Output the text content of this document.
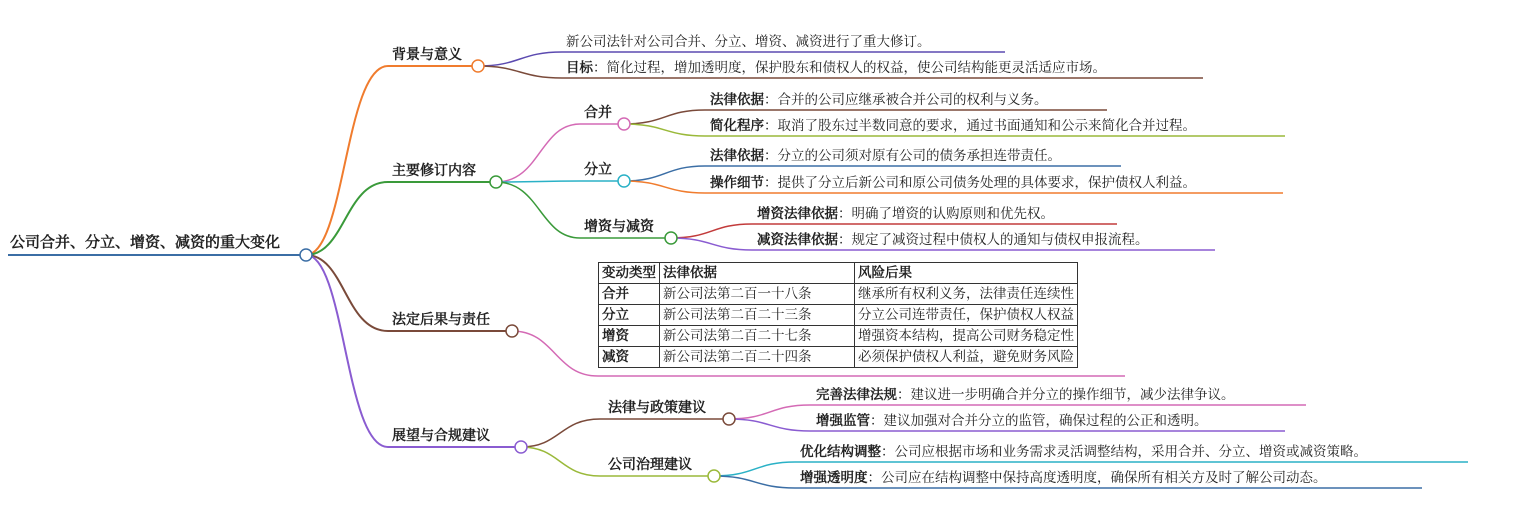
公司合并、分立、增资、减资的重大变化
背景与意义
主要修订内容
法定后果与责任
展望与合规建议
新公司法针对公司合并、分立、增资、减资进行了重大修订。
目标：简化过程，增加透明度，保护股东和债权人的权益，使公司结构能更灵活适应市场。
合并
分立
增资与减资
法律依据：合并的公司应继承被合并公司的权利与义务。
简化程序：取消了股东过半数同意的要求，通过书面通知和公示来简化合并过程。
法律依据：分立的公司须对原有公司的债务承担连带责任。
操作细节：提供了分立后新公司和原公司债务处理的具体要求，保护债权人利益。
增资法律依据：明确了增资的认购原则和优先权。
减资法律依据：规定了减资过程中债权人的通知与债权申报流程。
变动类型	法律依据	风险后果
合并	新公司法第二百一十八条	继承所有权利义务，法律责任连续性
分立	新公司法第二百二十三条	分立公司连带责任，保护债权人权益
增资	新公司法第二百二十七条	增强资本结构，提高公司财务稳定性
减资	新公司法第二百二十四条	必须保护债权人利益，避免财务风险
法律与政策建议
公司治理建议
完善法律法规：建议进一步明确合并分立的操作细节，减少法律争议。
增强监管：建议加强对合并分立的监管，确保过程的公正和透明。
优化结构调整：公司应根据市场和业务需求灵活调整结构，采用合并、分立、增资或减资策略。
增强透明度：公司应在结构调整中保持高度透明度，确保所有相关方及时了解公司动态。
